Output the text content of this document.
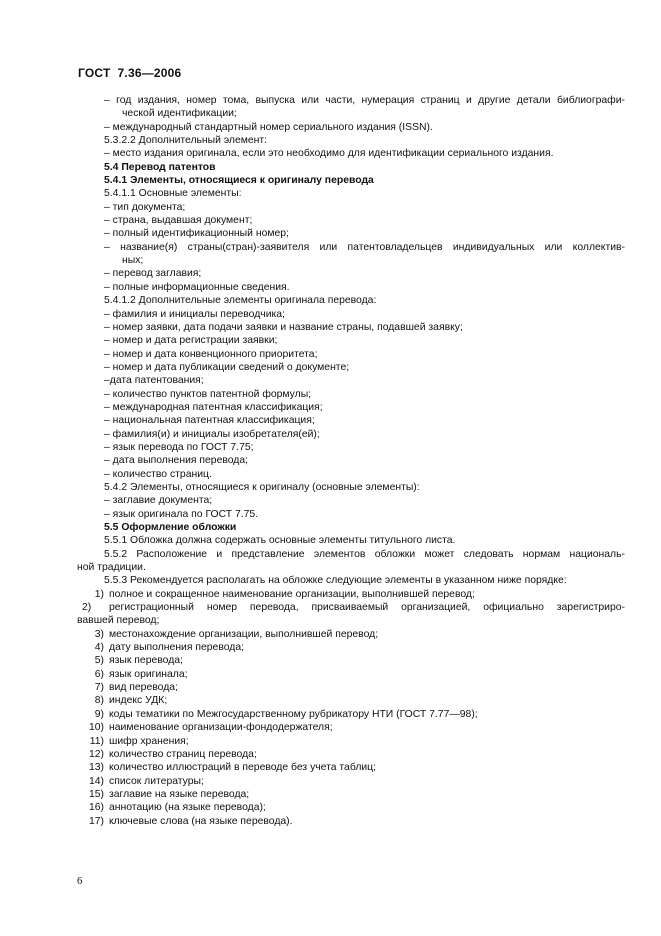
ГОСТ  7.36—2006

– год издания, номер тома, выпуска или части, нумерация страниц и другие детали библиографи-

ческой идентификации;

– международный стандартный номер сериального издания (ISSN).

5.3.2.2 Дополнительный элемент:

– место издания оригинала, если это необходимо для идентификации сериального издания.

5.4 Перевод патентов

5.4.1 Элементы, относящиеся к оригиналу перевода

5.4.1.1 Основные элементы:

– тип документа;

– страна, выдавшая документ;

– полный идентификационный номер;

– название(я) страны(стран)-заявителя или патентовладельцев индивидуальных или коллектив-

ных;

– перевод заглавия;

– полные информационные сведения.

5.4.1.2 Дополнительные элементы оригинала перевода:

– фамилия и инициалы переводчика;

– номер заявки, дата подачи заявки и название страны, подавшей заявку;

– номер и дата регистрации заявки;

– номер и дата конвенционного приоритета;

– номер и дата публикации сведений о документе;

–дата патентования;

– количество пунктов патентной формулы;

– международная патентная классификация;

– национальная патентная классификация;

– фамилия(и) и инициалы изобретателя(ей);

– язык перевода по ГОСТ 7.75;

– дата выполнения перевода;

– количество страниц.

5.4.2 Элементы, относящиеся к оригиналу (основные элементы):

– заглавие документа;

– язык оригинала по ГОСТ 7.75.

5.5 Оформление обложки

5.5.1 Обложка должна содержать основные элементы титульного листа.

5.5.2 Расположение и представление элементов обложки может следовать нормам националь-

ной традиции.

5.5.3 Рекомендуется располагать на обложке следующие элементы в указанном ниже порядке:

1) полное и сокращенное наименование организации, выполнившей перевод;

2)	регистрационный номер перевода, присваиваемый организацией, официально зарегистриро-

вавшей перевод;

3) местонахождение организации, выполнившей перевод;

4) дату выполнения перевода;

5) язык перевода;

6) язык оригинала;

7) вид перевода;

8) индекс УДК;

9) коды тематики по Межгосударственному рубрикатору НТИ (ГОСТ 7.77—98);

10) наименование организации-фондодержателя;

11) шифр хранения;

12) количество страниц перевода;

13) количество иллюстраций в переводе без учета таблиц;

14) список литературы;

15) заглавие на языке перевода;

16) аннотацию (на языке перевода);

17) ключевые слова (на языке перевода).

6
